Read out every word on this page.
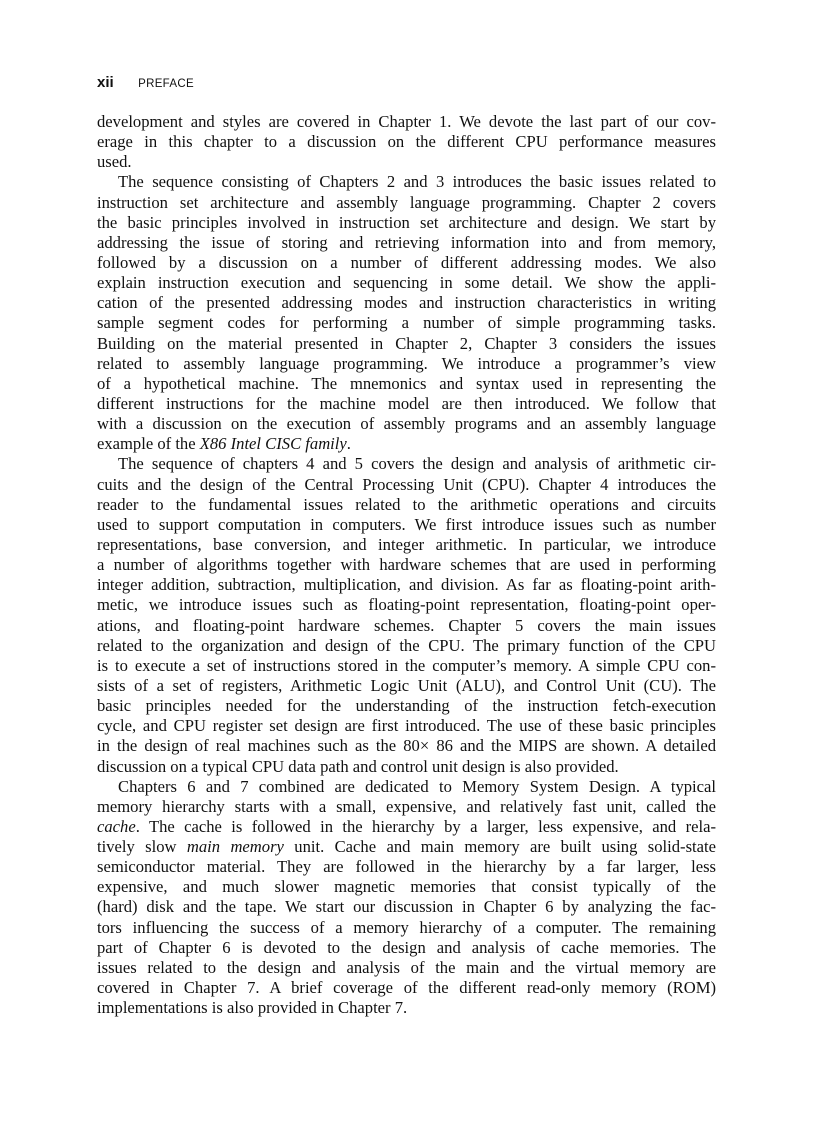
xii PREFACE
development and styles are covered in Chapter 1. We devote the last part of our cov-
erage in this chapter to a discussion on the different CPU performance measures
used.
The sequence consisting of Chapters 2 and 3 introduces the basic issues related to
instruction set architecture and assembly language programming. Chapter 2 covers
the basic principles involved in instruction set architecture and design. We start by
addressing the issue of storing and retrieving information into and from memory,
followed by a discussion on a number of different addressing modes. We also
explain instruction execution and sequencing in some detail. We show the appli-
cation of the presented addressing modes and instruction characteristics in writing
sample segment codes for performing a number of simple programming tasks.
Building on the material presented in Chapter 2, Chapter 3 considers the issues
related to assembly language programming. We introduce a programmer’s view
of a hypothetical machine. The mnemonics and syntax used in representing the
different instructions for the machine model are then introduced. We follow that
with a discussion on the execution of assembly programs and an assembly language
example of the X86 Intel CISC family.
The sequence of chapters 4 and 5 covers the design and analysis of arithmetic cir-
cuits and the design of the Central Processing Unit (CPU). Chapter 4 introduces the
reader to the fundamental issues related to the arithmetic operations and circuits
used to support computation in computers. We first introduce issues such as number
representations, base conversion, and integer arithmetic. In particular, we introduce
a number of algorithms together with hardware schemes that are used in performing
integer addition, subtraction, multiplication, and division. As far as floating-point arith-
metic, we introduce issues such as floating-point representation, floating-point oper-
ations, and floating-point hardware schemes. Chapter 5 covers the main issues
related to the organization and design of the CPU. The primary function of the CPU
is to execute a set of instructions stored in the computer’s memory. A simple CPU con-
sists of a set of registers, Arithmetic Logic Unit (ALU), and Control Unit (CU). The
basic principles needed for the understanding of the instruction fetch-execution
cycle, and CPU register set design are first introduced. The use of these basic principles
in the design of real machines such as the 80× 86 and the MIPS are shown. A detailed
discussion on a typical CPU data path and control unit design is also provided.
Chapters 6 and 7 combined are dedicated to Memory System Design. A typical
memory hierarchy starts with a small, expensive, and relatively fast unit, called the
cache. The cache is followed in the hierarchy by a larger, less expensive, and rela-
tively slow main memory unit. Cache and main memory are built using solid-state
semiconductor material. They are followed in the hierarchy by a far larger, less
expensive, and much slower magnetic memories that consist typically of the
(hard) disk and the tape. We start our discussion in Chapter 6 by analyzing the fac-
tors influencing the success of a memory hierarchy of a computer. The remaining
part of Chapter 6 is devoted to the design and analysis of cache memories. The
issues related to the design and analysis of the main and the virtual memory are
covered in Chapter 7. A brief coverage of the different read-only memory (ROM)
implementations is also provided in Chapter 7.
